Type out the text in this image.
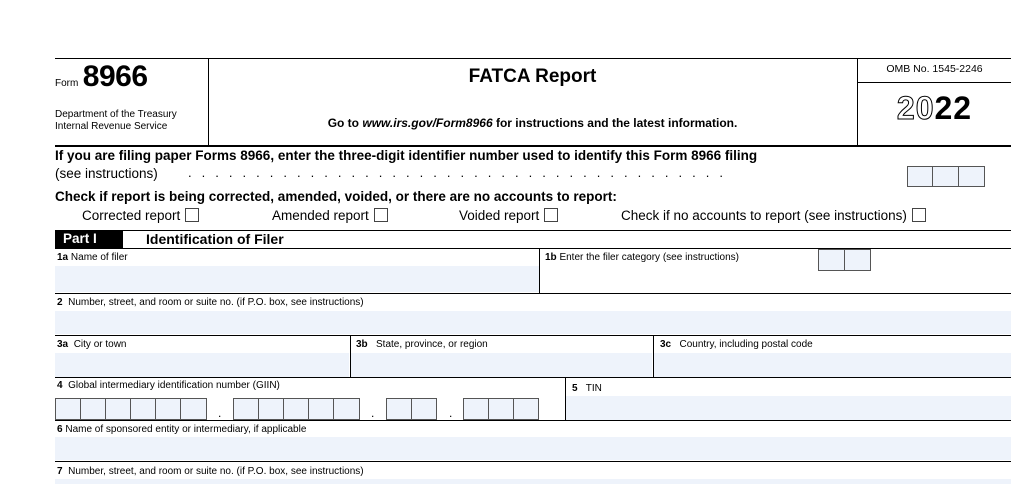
Form 8966
Department of the Treasury
Internal Revenue Service
FATCA Report
Go to www.irs.gov/Form8966 for instructions and the latest information.
OMB No. 1545-2246
2022
If you are filing paper Forms 8966, enter the three-digit identifier number used to identify this Form 8966 filing
(see instructions) . . . . . . . . . . . . . . . . . . . . . . . . . . . . . . . . . . . . . . . .
Check if report is being corrected, amended, voided, or there are no accounts to report:
Corrected report	Amended report	Voided report	Check if no accounts to report (see instructions)
Part I	Identification of Filer
1a Name of filer	1b Enter the filer category (see instructions)
2 Number, street, and room or suite no. (if P.O. box, see instructions)
3a City or town	3b State, province, or region	3c Country, including postal code
4 Global intermediary identification number (GIIN)
.	.	.
5 TIN
6 Name of sponsored entity or intermediary, if applicable
7 Number, street, and room or suite no. (if P.O. box, see instructions)
